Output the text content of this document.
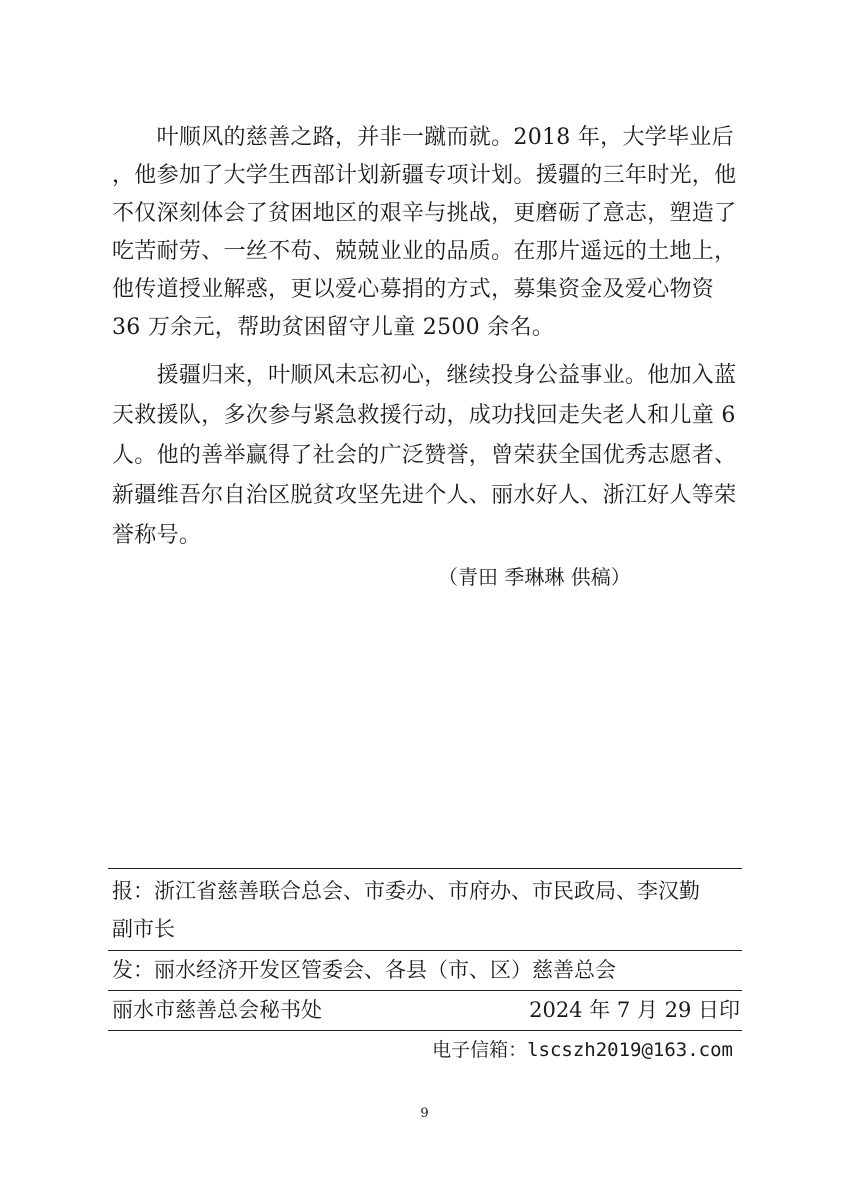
　　叶顺风的慈善之路，并非一蹴而就。2018 年，大学毕业后
，他参加了大学生西部计划新疆专项计划。援疆的三年时光，他
不仅深刻体会了贫困地区的艰辛与挑战，更磨砺了意志，塑造了
吃苦耐劳、一丝不苟、兢兢业业的品质。在那片遥远的土地上，
他传道授业解惑，更以爱心募捐的方式，募集资金及爱心物资
36 万余元，帮助贫困留守儿童 2500 余名。
　　援疆归来，叶顺风未忘初心，继续投身公益事业。他加入蓝
天救援队，多次参与紧急救援行动，成功找回走失老人和儿童 6
人。他的善举赢得了社会的广泛赞誉，曾荣获全国优秀志愿者、
新疆维吾尔自治区脱贫攻坚先进个人、丽水好人、浙江好人等荣
誉称号。
（青田 季琳琳 供稿）
报：浙江省慈善联合总会、市委办、市府办、市民政局、李汉勤
副市长
发：丽水经济开发区管委会、各县（市、区）慈善总会
丽水市慈善总会秘书处	2024 年 7 月 29 日印
电子信箱：lscszh2019@163.com
9
